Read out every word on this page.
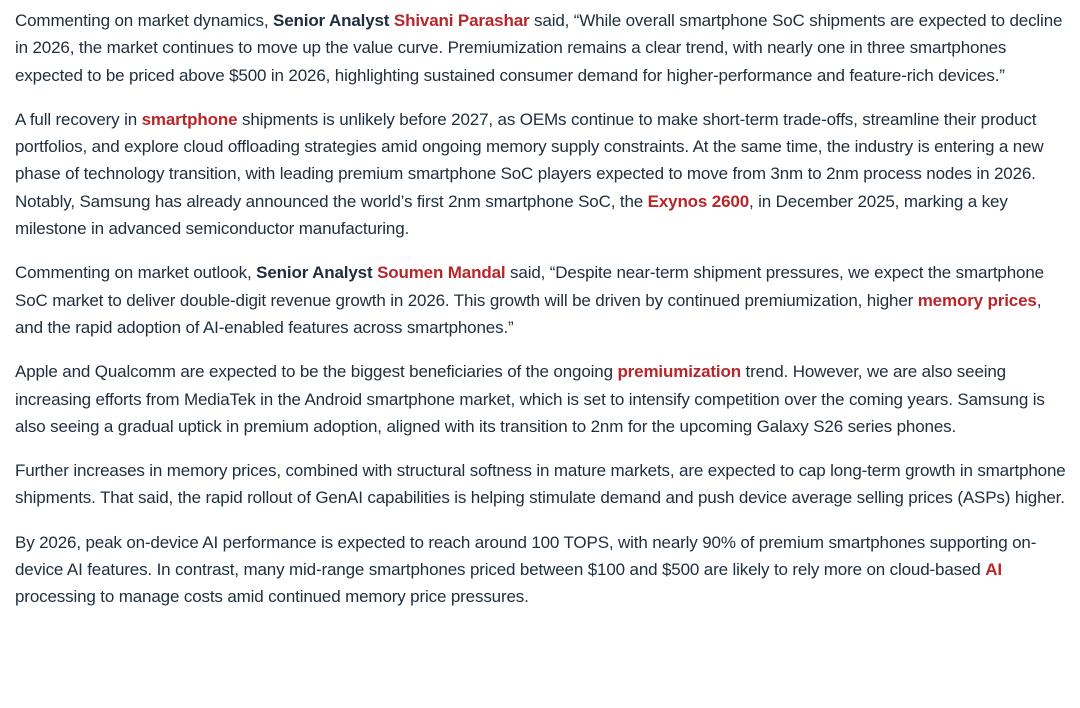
Commenting on market dynamics, Senior Analyst Shivani Parashar said, “While overall smartphone SoC shipments are expected to decline in 2026, the market continues to move up the value curve. Premiumization remains a clear trend, with nearly one in three smartphones expected to be priced above $500 in 2026, highlighting sustained consumer demand for higher-performance and feature-rich devices.”

A full recovery in smartphone shipments is unlikely before 2027, as OEMs continue to make short-term trade-offs, streamline their product portfolios, and explore cloud offloading strategies amid ongoing memory supply constraints. At the same time, the industry is entering a new phase of technology transition, with leading premium smartphone SoC players expected to move from 3nm to 2nm process nodes in 2026. Notably, Samsung has already announced the world’s first 2nm smartphone SoC, the Exynos 2600, in December 2025, marking a key milestone in advanced semiconductor manufacturing.

Commenting on market outlook, Senior Analyst Soumen Mandal said, “Despite near-term shipment pressures, we expect the smartphone SoC market to deliver double-digit revenue growth in 2026. This growth will be driven by continued premiumization, higher memory prices, and the rapid adoption of AI-enabled features across smartphones.”

Apple and Qualcomm are expected to be the biggest beneficiaries of the ongoing premiumization trend. However, we are also seeing increasing efforts from MediaTek in the Android smartphone market, which is set to intensify competition over the coming years. Samsung is also seeing a gradual uptick in premium adoption, aligned with its transition to 2nm for the upcoming Galaxy S26 series phones.

Further increases in memory prices, combined with structural softness in mature markets, are expected to cap long-term growth in smartphone shipments. That said, the rapid rollout of GenAI capabilities is helping stimulate demand and push device average selling prices (ASPs) higher.

By 2026, peak on-device AI performance is expected to reach around 100 TOPS, with nearly 90% of premium smartphones supporting on-device AI features. In contrast, many mid-range smartphones priced between $100 and $500 are likely to rely more on cloud-based AI processing to manage costs amid continued memory price pressures.
